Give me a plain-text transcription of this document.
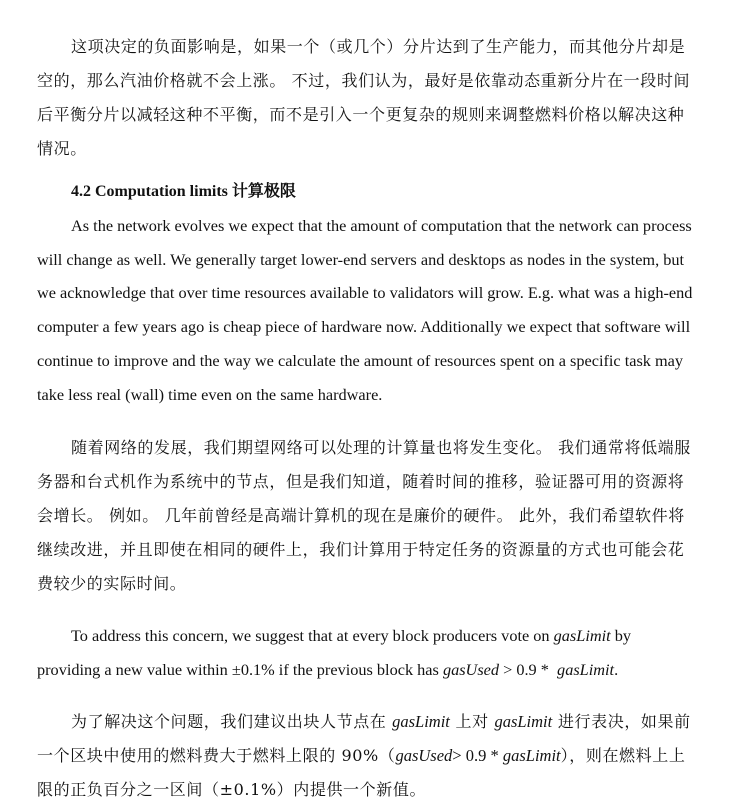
这项决定的负面影响是，如果一个（或几个）分片达到了生产能力，而其他分片却是空的，那么汽油价格就不会上涨。 不过，我们认为，最好是依靠动态重新分片在一段时间后平衡分片以减轻这种不平衡，而不是引入一个更复杂的规则来调整燃料价格以解决这种情况。

4.2 Computation limits 计算极限

As the network evolves we expect that the amount of computation that the network can process will change as well. We generally target lower-end servers and desktops as nodes in the system, but we acknowledge that over time resources available to validators will grow. E.g. what was a high-end computer a few years ago is cheap piece of hardware now. Additionally we expect that software will continue to improve and the way we calculate the amount of resources spent on a specific task may take less real (wall) time even on the same hardware.

随着网络的发展，我们期望网络可以处理的计算量也将发生变化。 我们通常将低端服务器和台式机作为系统中的节点，但是我们知道，随着时间的推移，验证器可用的资源将会增长。 例如。 几年前曾经是高端计算机的现在是廉价的硬件。 此外，我们希望软件将继续改进，并且即使在相同的硬件上，我们计算用于特定任务的资源量的方式也可能会花费较少的实际时间。

To address this concern, we suggest that at every block producers vote on gasLimit by providing a new value within ±0.1% if the previous block has gasUsed > 0.9 *  gasLimit.

为了解决这个问题，我们建议出块人节点在 gasLimit 上对 gasLimit 进行表决，如果前一个区块中使用的燃料费大于燃料上限的 90%（gasUsed> 0.9 * gasLimit），则在燃料上上限的正负百分之一区间（±0.1%）内提供一个新值。
